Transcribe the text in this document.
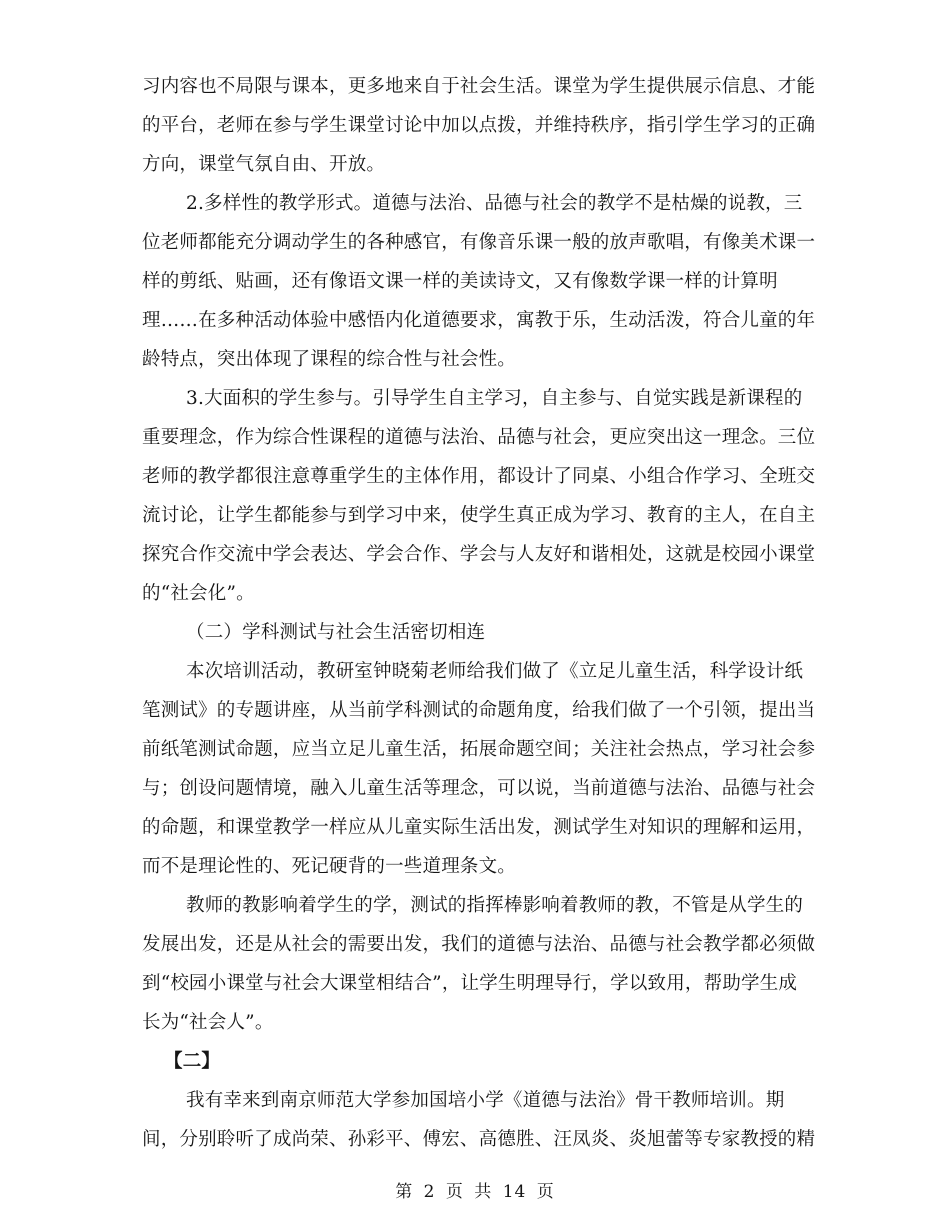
习内容也不局限与课本，更多地来自于社会生活。课堂为学生提供展示信息、才能
的平台，老师在参与学生课堂讨论中加以点拨，并维持秩序，指引学生学习的正确
方向，课堂气氛自由、开放。
2.多样性的教学形式。道德与法治、品德与社会的教学不是枯燥的说教，三
位老师都能充分调动学生的各种感官，有像音乐课一般的放声歌唱，有像美术课一
样的剪纸、贴画，还有像语文课一样的美读诗文，又有像数学课一样的计算明
理……在多种活动体验中感悟内化道德要求，寓教于乐，生动活泼，符合儿童的年
龄特点，突出体现了课程的综合性与社会性。
3.大面积的学生参与。引导学生自主学习，自主参与、自觉实践是新课程的
重要理念，作为综合性课程的道德与法治、品德与社会，更应突出这一理念。三位
老师的教学都很注意尊重学生的主体作用，都设计了同桌、小组合作学习、全班交
流讨论，让学生都能参与到学习中来，使学生真正成为学习、教育的主人，在自主
探究合作交流中学会表达、学会合作、学会与人友好和谐相处，这就是校园小课堂
的“社会化”。
（二）学科测试与社会生活密切相连
本次培训活动，教研室钟晓菊老师给我们做了《立足儿童生活，科学设计纸
笔测试》的专题讲座，从当前学科测试的命题角度，给我们做了一个引领，提出当
前纸笔测试命题，应当立足儿童生活，拓展命题空间；关注社会热点，学习社会参
与；创设问题情境，融入儿童生活等理念，可以说，当前道德与法治、品德与社会
的命题，和课堂教学一样应从儿童实际生活出发，测试学生对知识的理解和运用，
而不是理论性的、死记硬背的一些道理条文。
教师的教影响着学生的学，测试的指挥棒影响着教师的教，不管是从学生的
发展出发，还是从社会的需要出发，我们的道德与法治、品德与社会教学都必须做
到“校园小课堂与社会大课堂相结合”，让学生明理导行，学以致用，帮助学生成
长为“社会人”。
【二】
我有幸来到南京师范大学参加国培小学《道德与法治》骨干教师培训。期
第 2 页 共 14 页
间，分别聆听了成尚荣、孙彩平、傅宏、高德胜、汪凤炎、炎旭蕾等专家教授的精
